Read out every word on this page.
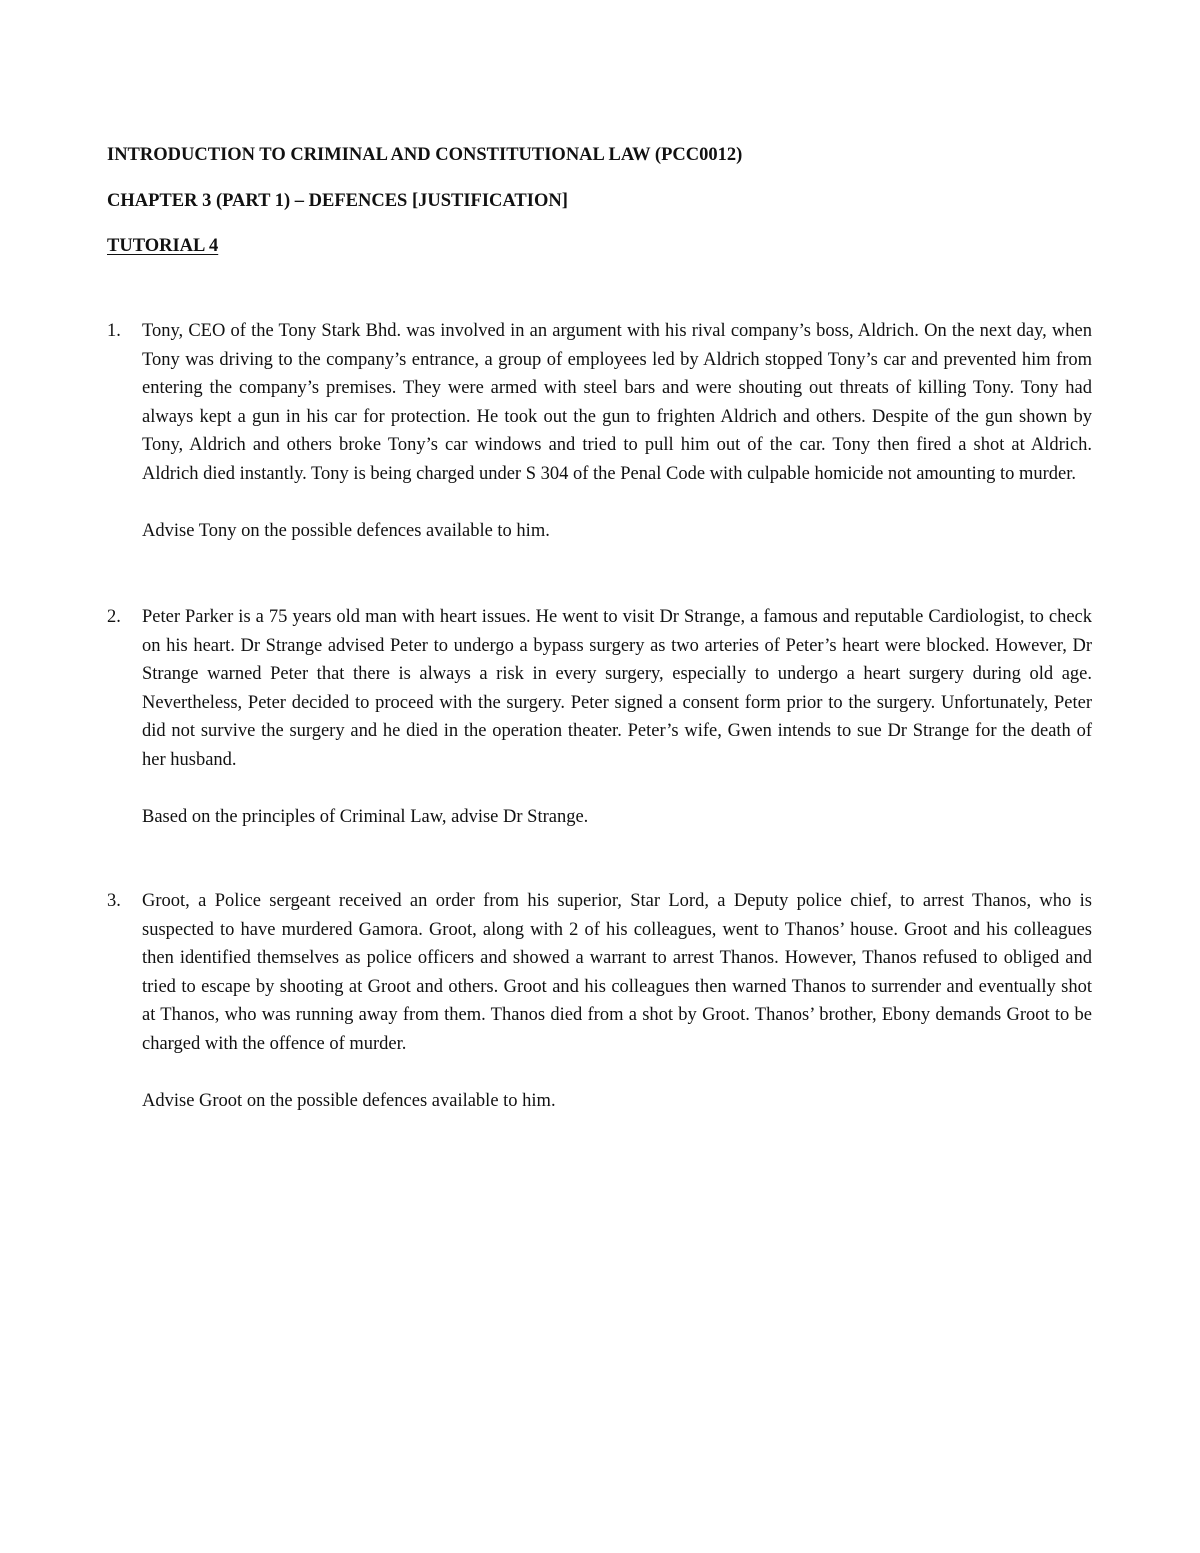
INTRODUCTION TO CRIMINAL AND CONSTITUTIONAL LAW (PCC0012)
CHAPTER 3 (PART 1) – DEFENCES [JUSTIFICATION]
TUTORIAL 4
1. Tony, CEO of the Tony Stark Bhd. was involved in an argument with his rival company’s boss, Aldrich. On the next day, when Tony was driving to the company’s entrance, a group of employees led by Aldrich stopped Tony’s car and prevented him from entering the company’s premises. They were armed with steel bars and were shouting out threats of killing Tony. Tony had always kept a gun in his car for protection. He took out the gun to frighten Aldrich and others. Despite of the gun shown by Tony, Aldrich and others broke Tony’s car windows and tried to pull him out of the car. Tony then fired a shot at Aldrich. Aldrich died instantly. Tony is being charged under S 304 of the Penal Code with culpable homicide not amounting to murder.
Advise Tony on the possible defences available to him.
2. Peter Parker is a 75 years old man with heart issues. He went to visit Dr Strange, a famous and reputable Cardiologist, to check on his heart. Dr Strange advised Peter to undergo a bypass surgery as two arteries of Peter’s heart were blocked. However, Dr Strange warned Peter that there is always a risk in every surgery, especially to undergo a heart surgery during old age. Nevertheless, Peter decided to proceed with the surgery. Peter signed a consent form prior to the surgery. Unfortunately, Peter did not survive the surgery and he died in the operation theater. Peter’s wife, Gwen intends to sue Dr Strange for the death of her husband.
Based on the principles of Criminal Law, advise Dr Strange.
3. Groot, a Police sergeant received an order from his superior, Star Lord, a Deputy police chief, to arrest Thanos, who is suspected to have murdered Gamora. Groot, along with 2 of his colleagues, went to Thanos’ house. Groot and his colleagues then identified themselves as police officers and showed a warrant to arrest Thanos. However, Thanos refused to obliged and tried to escape by shooting at Groot and others. Groot and his colleagues then warned Thanos to surrender and eventually shot at Thanos, who was running away from them. Thanos died from a shot by Groot. Thanos’ brother, Ebony demands Groot to be charged with the offence of murder.
Advise Groot on the possible defences available to him.
